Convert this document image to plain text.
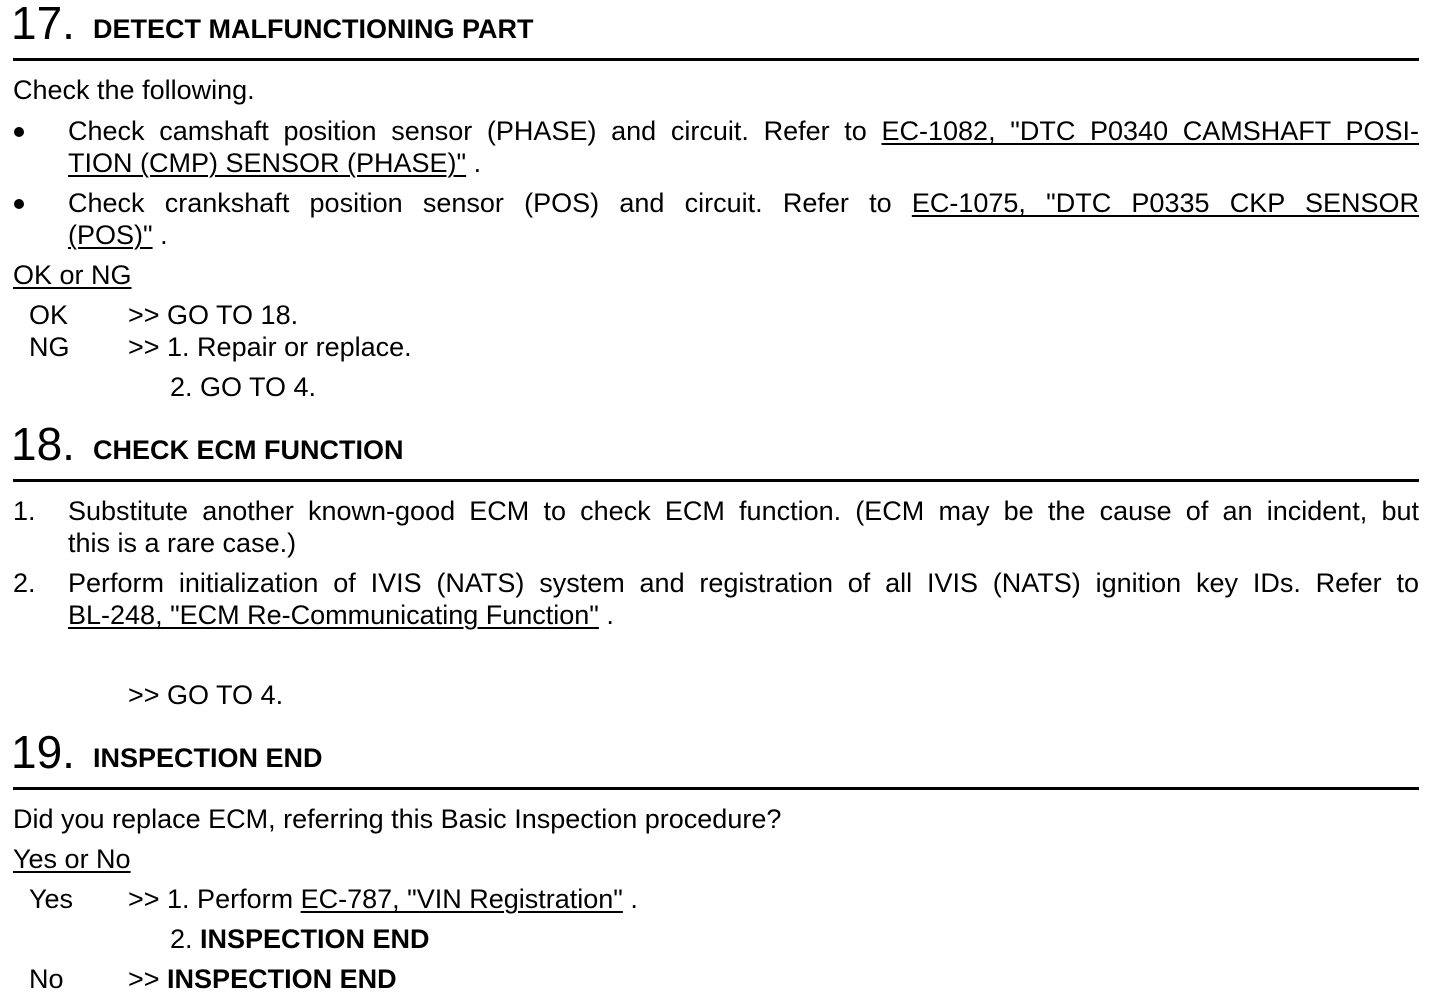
17. DETECT MALFUNCTIONING PART
Check the following.
Check camshaft position sensor (PHASE) and circuit. Refer to EC-1082, "DTC P0340 CAMSHAFT POSI-
TION (CMP) SENSOR (PHASE)" .
Check crankshaft position sensor (POS) and circuit. Refer to EC-1075, "DTC P0335 CKP SENSOR
(POS)" .
OK or NG
OK >> GO TO 18.
NG >> 1. Repair or replace.
2. GO TO 4.
18. CHECK ECM FUNCTION
1. Substitute another known-good ECM to check ECM function. (ECM may be the cause of an incident, but
this is a rare case.)
2. Perform initialization of IVIS (NATS) system and registration of all IVIS (NATS) ignition key IDs. Refer to
BL-248, "ECM Re-Communicating Function" .
>> GO TO 4.
19. INSPECTION END
Did you replace ECM, referring this Basic Inspection procedure?
Yes or No
Yes >> 1. Perform EC-787, "VIN Registration" .
2. INSPECTION END
No >> INSPECTION END
